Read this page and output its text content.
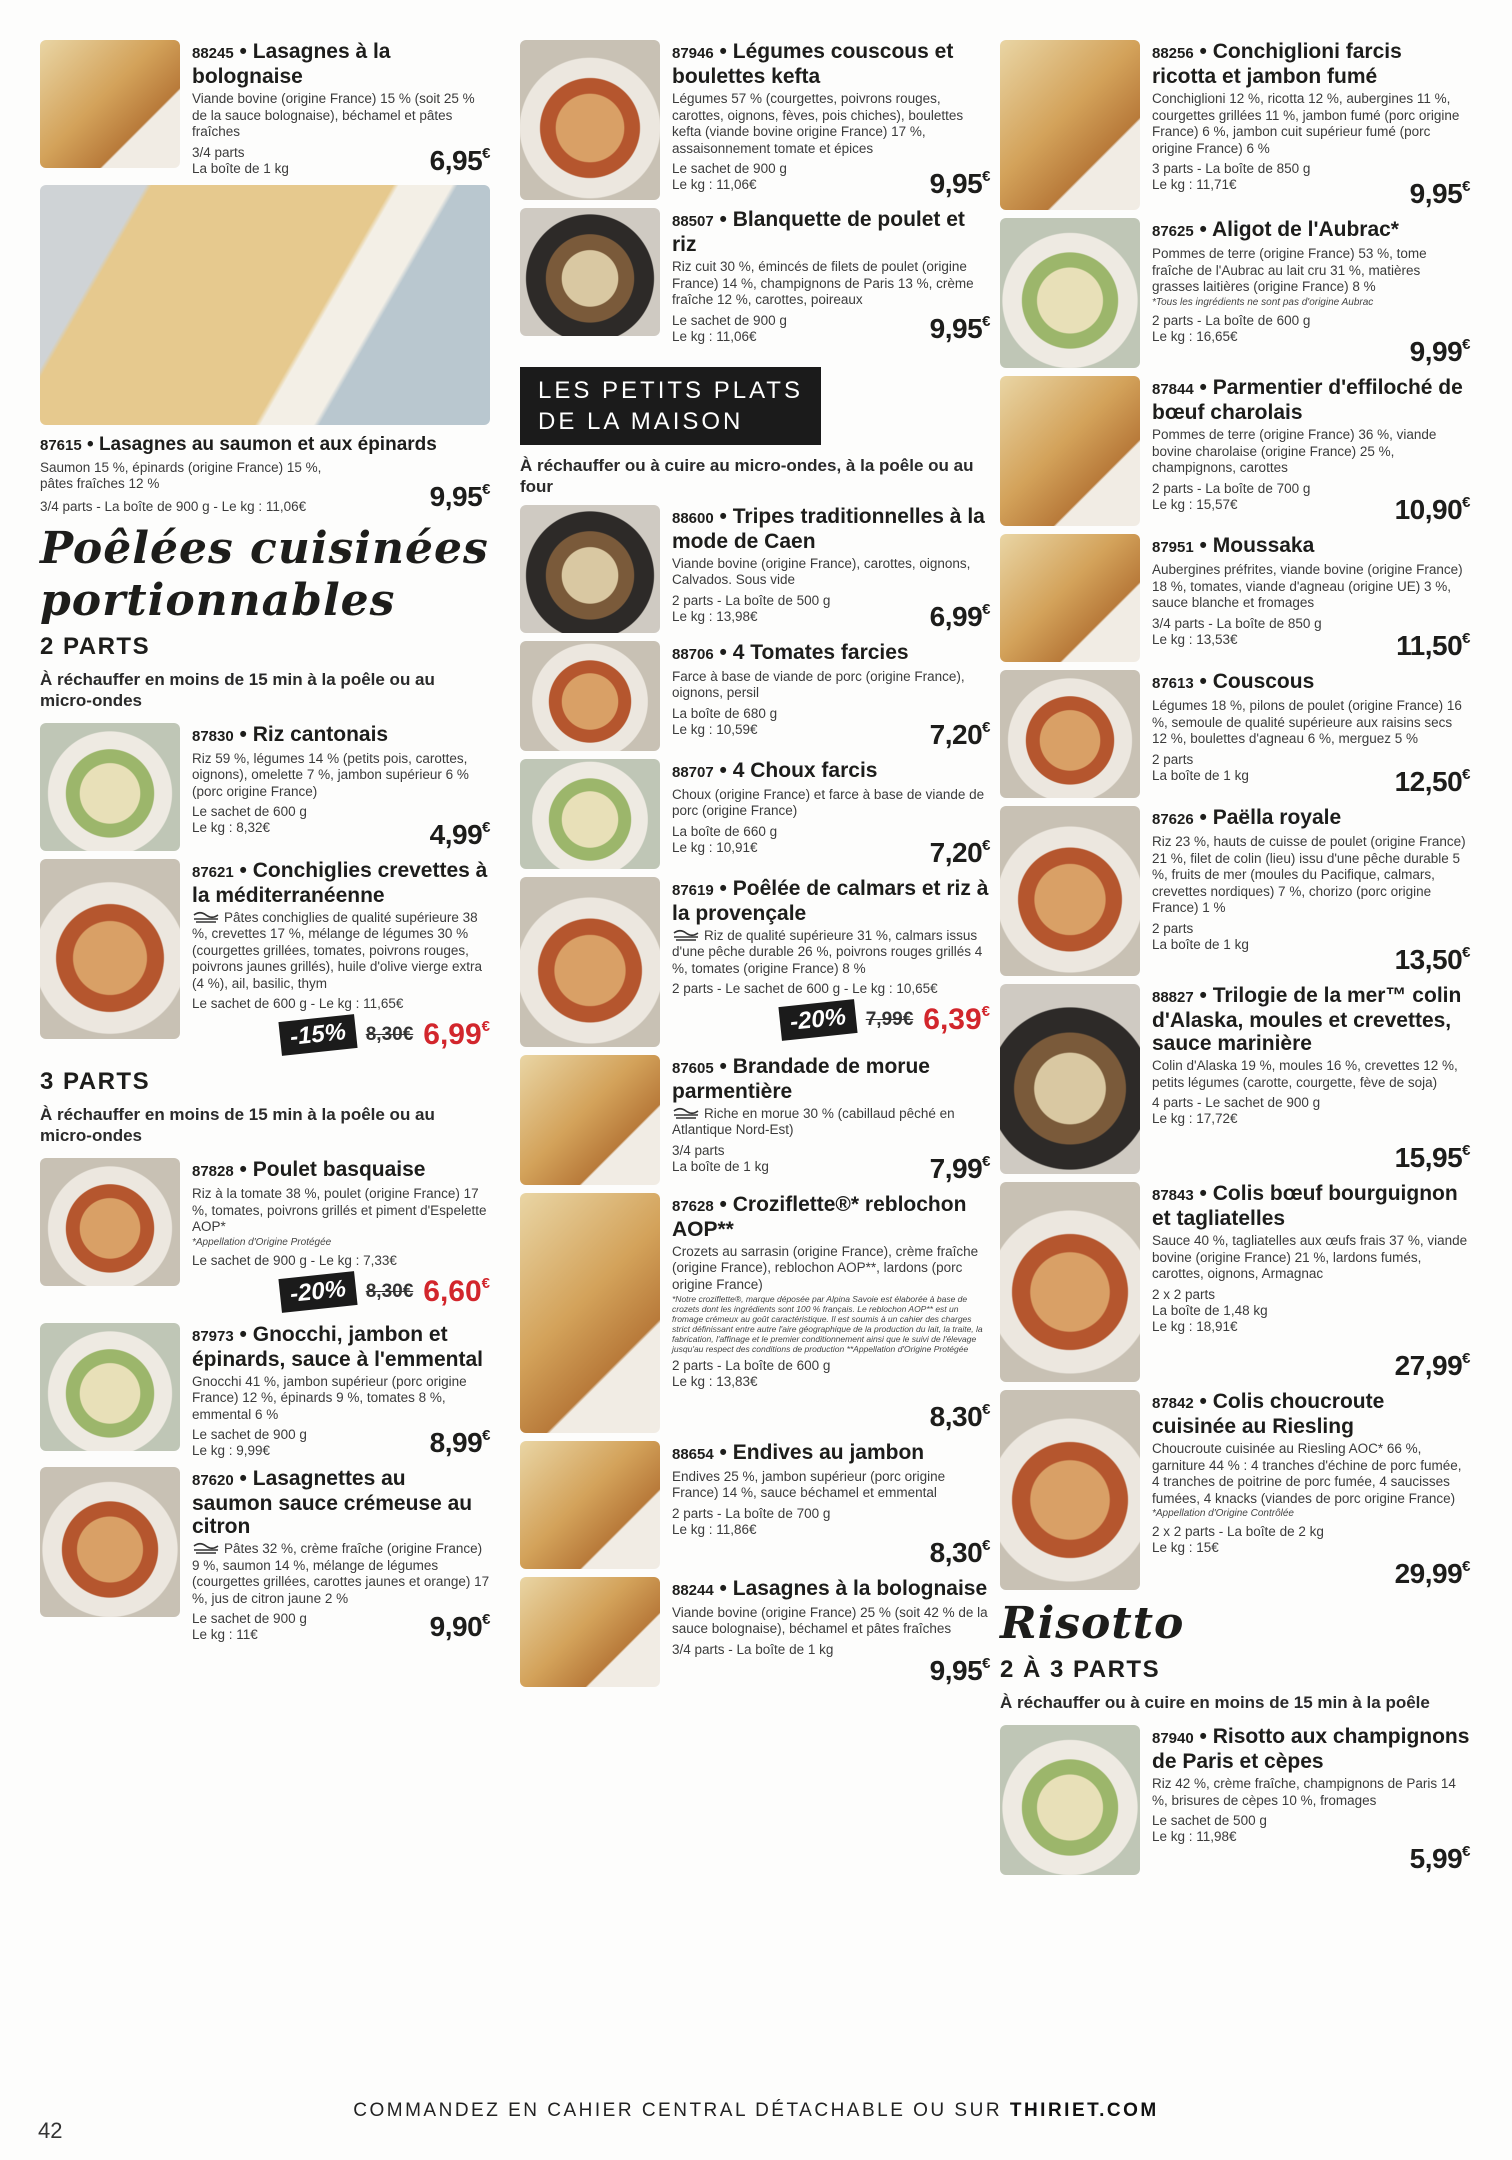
88245 • Lasagnes à la bolognaise

Viande bovine (origine France) 15 % (soit 25 % de la sauce bolognaise), béchamel et pâtes fraîches

3/4 parts
La boîte de 1 kg	6,95€

87615 • Lasagnes au saumon et aux épinards

Saumon 15 %, épinards (origine France) 15 %, pâtes fraîches 12 %

3/4 parts - La boîte de 900 g - Le kg : 11,06€	9,95€
Poêlées cuisinées
portionnables
2 PARTS

À réchauffer en moins de 15 min à la poêle ou au micro-ondes

87830 • Riz cantonais

Riz 59 %, légumes 14 % (petits pois, carottes, oignons), omelette 7 %, jambon supérieur 6 % (porc origine France)

Le sachet de 600 g
Le kg : 8,32€	4,99€

87621 • Conchiglies crevettes à la méditerranéenne

Pâtes conchiglies de qualité supérieure 38 %, crevettes 17 %, mélange de légumes 30 % (courgettes grillées, tomates, poivrons rouges, poivrons jaunes grillés), huile d'olive vierge extra (4 %), ail, basilic, thym

Le sachet de 600 g - Le kg : 11,65€
-15% 8,30€ 6,99€
3 PARTS

À réchauffer en moins de 15 min à la poêle ou au micro-ondes

87828 • Poulet basquaise

Riz à la tomate 38 %, poulet (origine France) 17 %, tomates, poivrons grillés et piment d'Espelette AOP*

*Appellation d'Origine Protégée

Le sachet de 900 g - Le kg : 7,33€
-20% 8,30€ 6,60€

87973 • Gnocchi, jambon et épinards, sauce à l'emmental

Gnocchi 41 %, jambon supérieur (porc origine France) 12 %, épinards 9 %, tomates 8 %, emmental 6 %

Le sachet de 900 g
Le kg : 9,99€	8,99€

87620 • Lasagnettes au saumon sauce crémeuse au citron

Pâtes 32 %, crème fraîche (origine France) 9 %, saumon 14 %, mélange de légumes (courgettes grillées, carottes jaunes et orange) 17 %, jus de citron jaune 2 %

Le sachet de 900 g
Le kg : 11€	9,90€

87946 • Légumes couscous et boulettes kefta

Légumes 57 % (courgettes, poivrons rouges, carottes, oignons, fèves, pois chiches), boulettes kefta (viande bovine origine France) 17 %, assaisonnement tomate et épices

Le sachet de 900 g
Le kg : 11,06€	9,95€

88507 • Blanquette de poulet et riz

Riz cuit 30 %, émincés de filets de poulet (origine France) 14 %, champignons de Paris 13 %, crème fraîche 12 %, carottes, poireaux

Le sachet de 900 g
Le kg : 11,06€	9,95€
LES PETITS PLATS
DE LA MAISON

À réchauffer ou à cuire au micro-ondes, à la poêle ou au four

88600 • Tripes traditionnelles à la mode de Caen

Viande bovine (origine France), carottes, oignons, Calvados. Sous vide

2 parts - La boîte de 500 g
Le kg : 13,98€	6,99€

88706 • 4 Tomates farcies

Farce à base de viande de porc (origine France), oignons, persil

La boîte de 680 g
Le kg : 10,59€	7,20€

88707 • 4 Choux farcis

Choux (origine France) et farce à base de viande de porc (origine France)

La boîte de 660 g
Le kg : 10,91€	7,20€

87619 • Poêlée de calmars et riz à la provençale

Riz de qualité supérieure 31 %, calmars issus d'une pêche durable 26 %, poivrons rouges grillés 4 %, tomates (origine France) 8 %

2 parts - Le sachet de 600 g - Le kg : 10,65€
-20% 7,99€ 6,39€

87605 • Brandade de morue parmentière

Riche en morue 30 % (cabillaud pêché en Atlantique Nord-Est)

3/4 parts
La boîte de 1 kg	7,99€

87628 • Croziflette®* reblochon AOP**

Crozets au sarrasin (origine France), crème fraîche (origine France), reblochon AOP**, lardons (porc origine France)

*Notre croziflette®, marque déposée par Alpina Savoie est élaborée à base de crozets dont les ingrédients sont 100 % français. Le reblochon AOP** est un fromage crémeux au goût caractéristique. Il est soumis à un cahier des charges strict définissant entre autre l'aire géographique de la production du lait, la traite, la fabrication, l'affinage et le premier conditionnement ainsi que le suivi de l'élevage jusqu'au respect des conditions de production **Appellation d'Origine Protégée

2 parts - La boîte de 600 g
Le kg : 13,83€
8,30€

88654 • Endives au jambon

Endives 25 %, jambon supérieur (porc origine France) 14 %, sauce béchamel et emmental

2 parts - La boîte de 700 g
Le kg : 11,86€
8,30€

88244 • Lasagnes à la bolognaise

Viande bovine (origine France) 25 % (soit 42 % de la sauce bolognaise), béchamel et pâtes fraîches

3/4 parts - La boîte de 1 kg
9,95€

88256 • Conchiglioni farcis ricotta et jambon fumé

Conchiglioni 12 %, ricotta 12 %, aubergines 11 %, courgettes grillées 11 %, jambon fumé (porc origine France) 6 %, jambon cuit supérieur fumé (porc origine France) 6 %

3 parts - La boîte de 850 g
Le kg : 11,71€	9,95€

87625 • Aligot de l'Aubrac*

Pommes de terre (origine France) 53 %, tome fraîche de l'Aubrac au lait cru 31 %, matières grasses laitières (origine France) 8 %

*Tous les ingrédients ne sont pas d'origine Aubrac

2 parts - La boîte de 600 g
Le kg : 16,65€	9,99€

87844 • Parmentier d'effiloché de bœuf charolais

Pommes de terre (origine France) 36 %, viande bovine charolaise (origine France) 25 %, champignons, carottes

2 parts - La boîte de 700 g
Le kg : 15,57€	10,90€

87951 • Moussaka

Aubergines préfrites, viande bovine (origine France) 18 %, tomates, viande d'agneau (origine UE) 3 %, sauce blanche et fromages

3/4 parts - La boîte de 850 g
Le kg : 13,53€	11,50€

87613 • Couscous

Légumes 18 %, pilons de poulet (origine France) 16 %, semoule de qualité supérieure aux raisins secs 12 %, boulettes d'agneau 6 %, merguez 5 %

2 parts
La boîte de 1 kg	12,50€

87626 • Paëlla royale

Riz 23 %, hauts de cuisse de poulet (origine France) 21 %, filet de colin (lieu) issu d'une pêche durable 5 %, fruits de mer (moules du Pacifique, calmars, crevettes nordiques) 7 %, chorizo (porc origine France) 1 %

2 parts
La boîte de 1 kg	13,50€

88827 • Trilogie de la mer™ colin d'Alaska, moules et crevettes, sauce marinière

Colin d'Alaska 19 %, moules 16 %, crevettes 12 %, petits légumes (carotte, courgette, fève de soja)

4 parts - Le sachet de 900 g
Le kg : 17,72€
15,95€

87843 • Colis bœuf bourguignon et tagliatelles

Sauce 40 %, tagliatelles aux œufs frais 37 %, viande bovine (origine France) 21 %, lardons fumés, carottes, oignons, Armagnac

2 x 2 parts
La boîte de 1,48 kg
Le kg : 18,91€
27,99€

87842 • Colis choucroute cuisinée au Riesling

Choucroute cuisinée au Riesling AOC* 66 %, garniture 44 % : 4 tranches d'échine de porc fumée, 4 tranches de poitrine de porc fumée, 4 saucisses fumées, 4 knacks (viandes de porc origine France)

*Appellation d'Origine Contrôlée

2 x 2 parts - La boîte de 2 kg
Le kg : 15€
29,99€
Risotto
2 À 3 PARTS

À réchauffer ou à cuire en moins de 15 min à la poêle

87940 • Risotto aux champignons de Paris et cèpes

Riz 42 %, crème fraîche, champignons de Paris 14 %, brisures de cèpes 10 %, fromages

Le sachet de 500 g
Le kg : 11,98€
5,99€
42
COMMANDEZ EN CAHIER CENTRAL DÉTACHABLE OU SUR THIRIET.COM
